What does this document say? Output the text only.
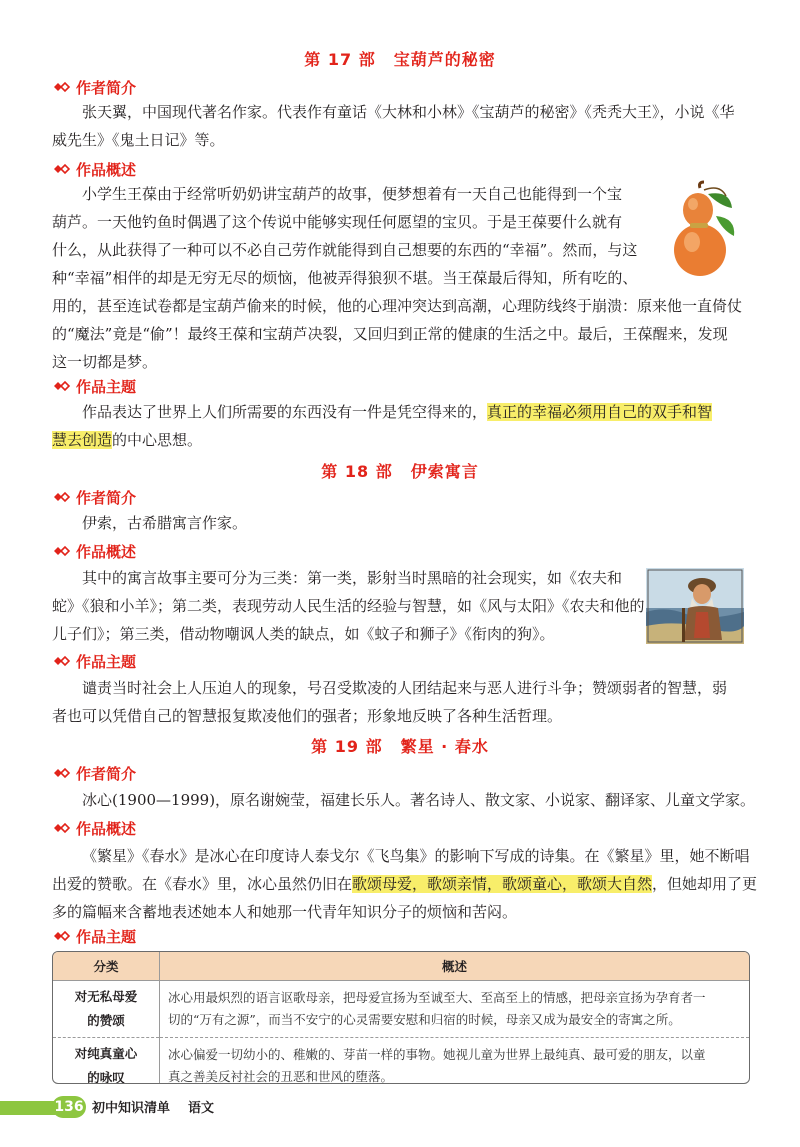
第 17 部 宝葫芦的秘密
作者简介
张天翼，中国现代著名作家。代表作有童话《大林和小林》《宝葫芦的秘密》《秃秃大王》，小说《华
威先生》《鬼土日记》等。
作品概述
小学生王葆由于经常听奶奶讲宝葫芦的故事，便梦想着有一天自己也能得到一个宝
葫芦。一天他钓鱼时偶遇了这个传说中能够实现任何愿望的宝贝。于是王葆要什么就有
什么，从此获得了一种可以不必自己劳作就能得到自己想要的东西的“幸福”。然而，与这
种“幸福”相伴的却是无穷无尽的烦恼，他被弄得狼狈不堪。当王葆最后得知，所有吃的、
用的，甚至连试卷都是宝葫芦偷来的时候，他的心理冲突达到高潮，心理防线终于崩溃：原来他一直倚仗
的“魔法”竟是“偷”！最终王葆和宝葫芦决裂，又回归到正常的健康的生活之中。最后，王葆醒来，发现
这一切都是梦。
作品主题
作品表达了世界上人们所需要的东西没有一件是凭空得来的，真正的幸福必须用自己的双手和智
慧去创造的中心思想。
第 18 部 伊索寓言
作者简介
伊索，古希腊寓言作家。
作品概述
其中的寓言故事主要可分为三类：第一类，影射当时黑暗的社会现实，如《农夫和
蛇》《狼和小羊》；第二类，表现劳动人民生活的经验与智慧，如《风与太阳》《农夫和他的
儿子们》；第三类，借动物嘲讽人类的缺点，如《蚊子和狮子》《衔肉的狗》。
作品主题
谴责当时社会上人压迫人的现象，号召受欺凌的人团结起来与恶人进行斗争；赞颂弱者的智慧，弱
者也可以凭借自己的智慧报复欺凌他们的强者；形象地反映了各种生活哲理。
第 19 部 繁星 · 春水
作者简介
冰心(1900—1999)，原名谢婉莹，福建长乐人。著名诗人、散文家、小说家、翻译家、儿童文学家。
作品概述
《繁星》《春水》是冰心在印度诗人泰戈尔《飞鸟集》的影响下写成的诗集。在《繁星》里，她不断唱
出爱的赞歌。在《春水》里，冰心虽然仍旧在歌颂母爱，歌颂亲情，歌颂童心，歌颂大自然，但她却用了更
多的篇幅来含蓄地表述她本人和她那一代青年知识分子的烦恼和苦闷。
作品主题
分类	概述

对无私母爱
的赞颂	冰心用最炽烈的语言讴歌母亲，把母爱宣扬为至诚至大、至高至上的情感，把母亲宣扬为孕育者一
切的“万有之源”，而当不安宁的心灵需要安慰和归宿的时候，母亲又成为最安全的寄寓之所。

对纯真童心
的咏叹	冰心偏爱一切幼小的、稚嫩的、芽苗一样的事物。她视儿童为世界上最纯真、最可爱的朋友，以童
真之善美反衬社会的丑恶和世风的堕落。
136 初中知识清单 语文
